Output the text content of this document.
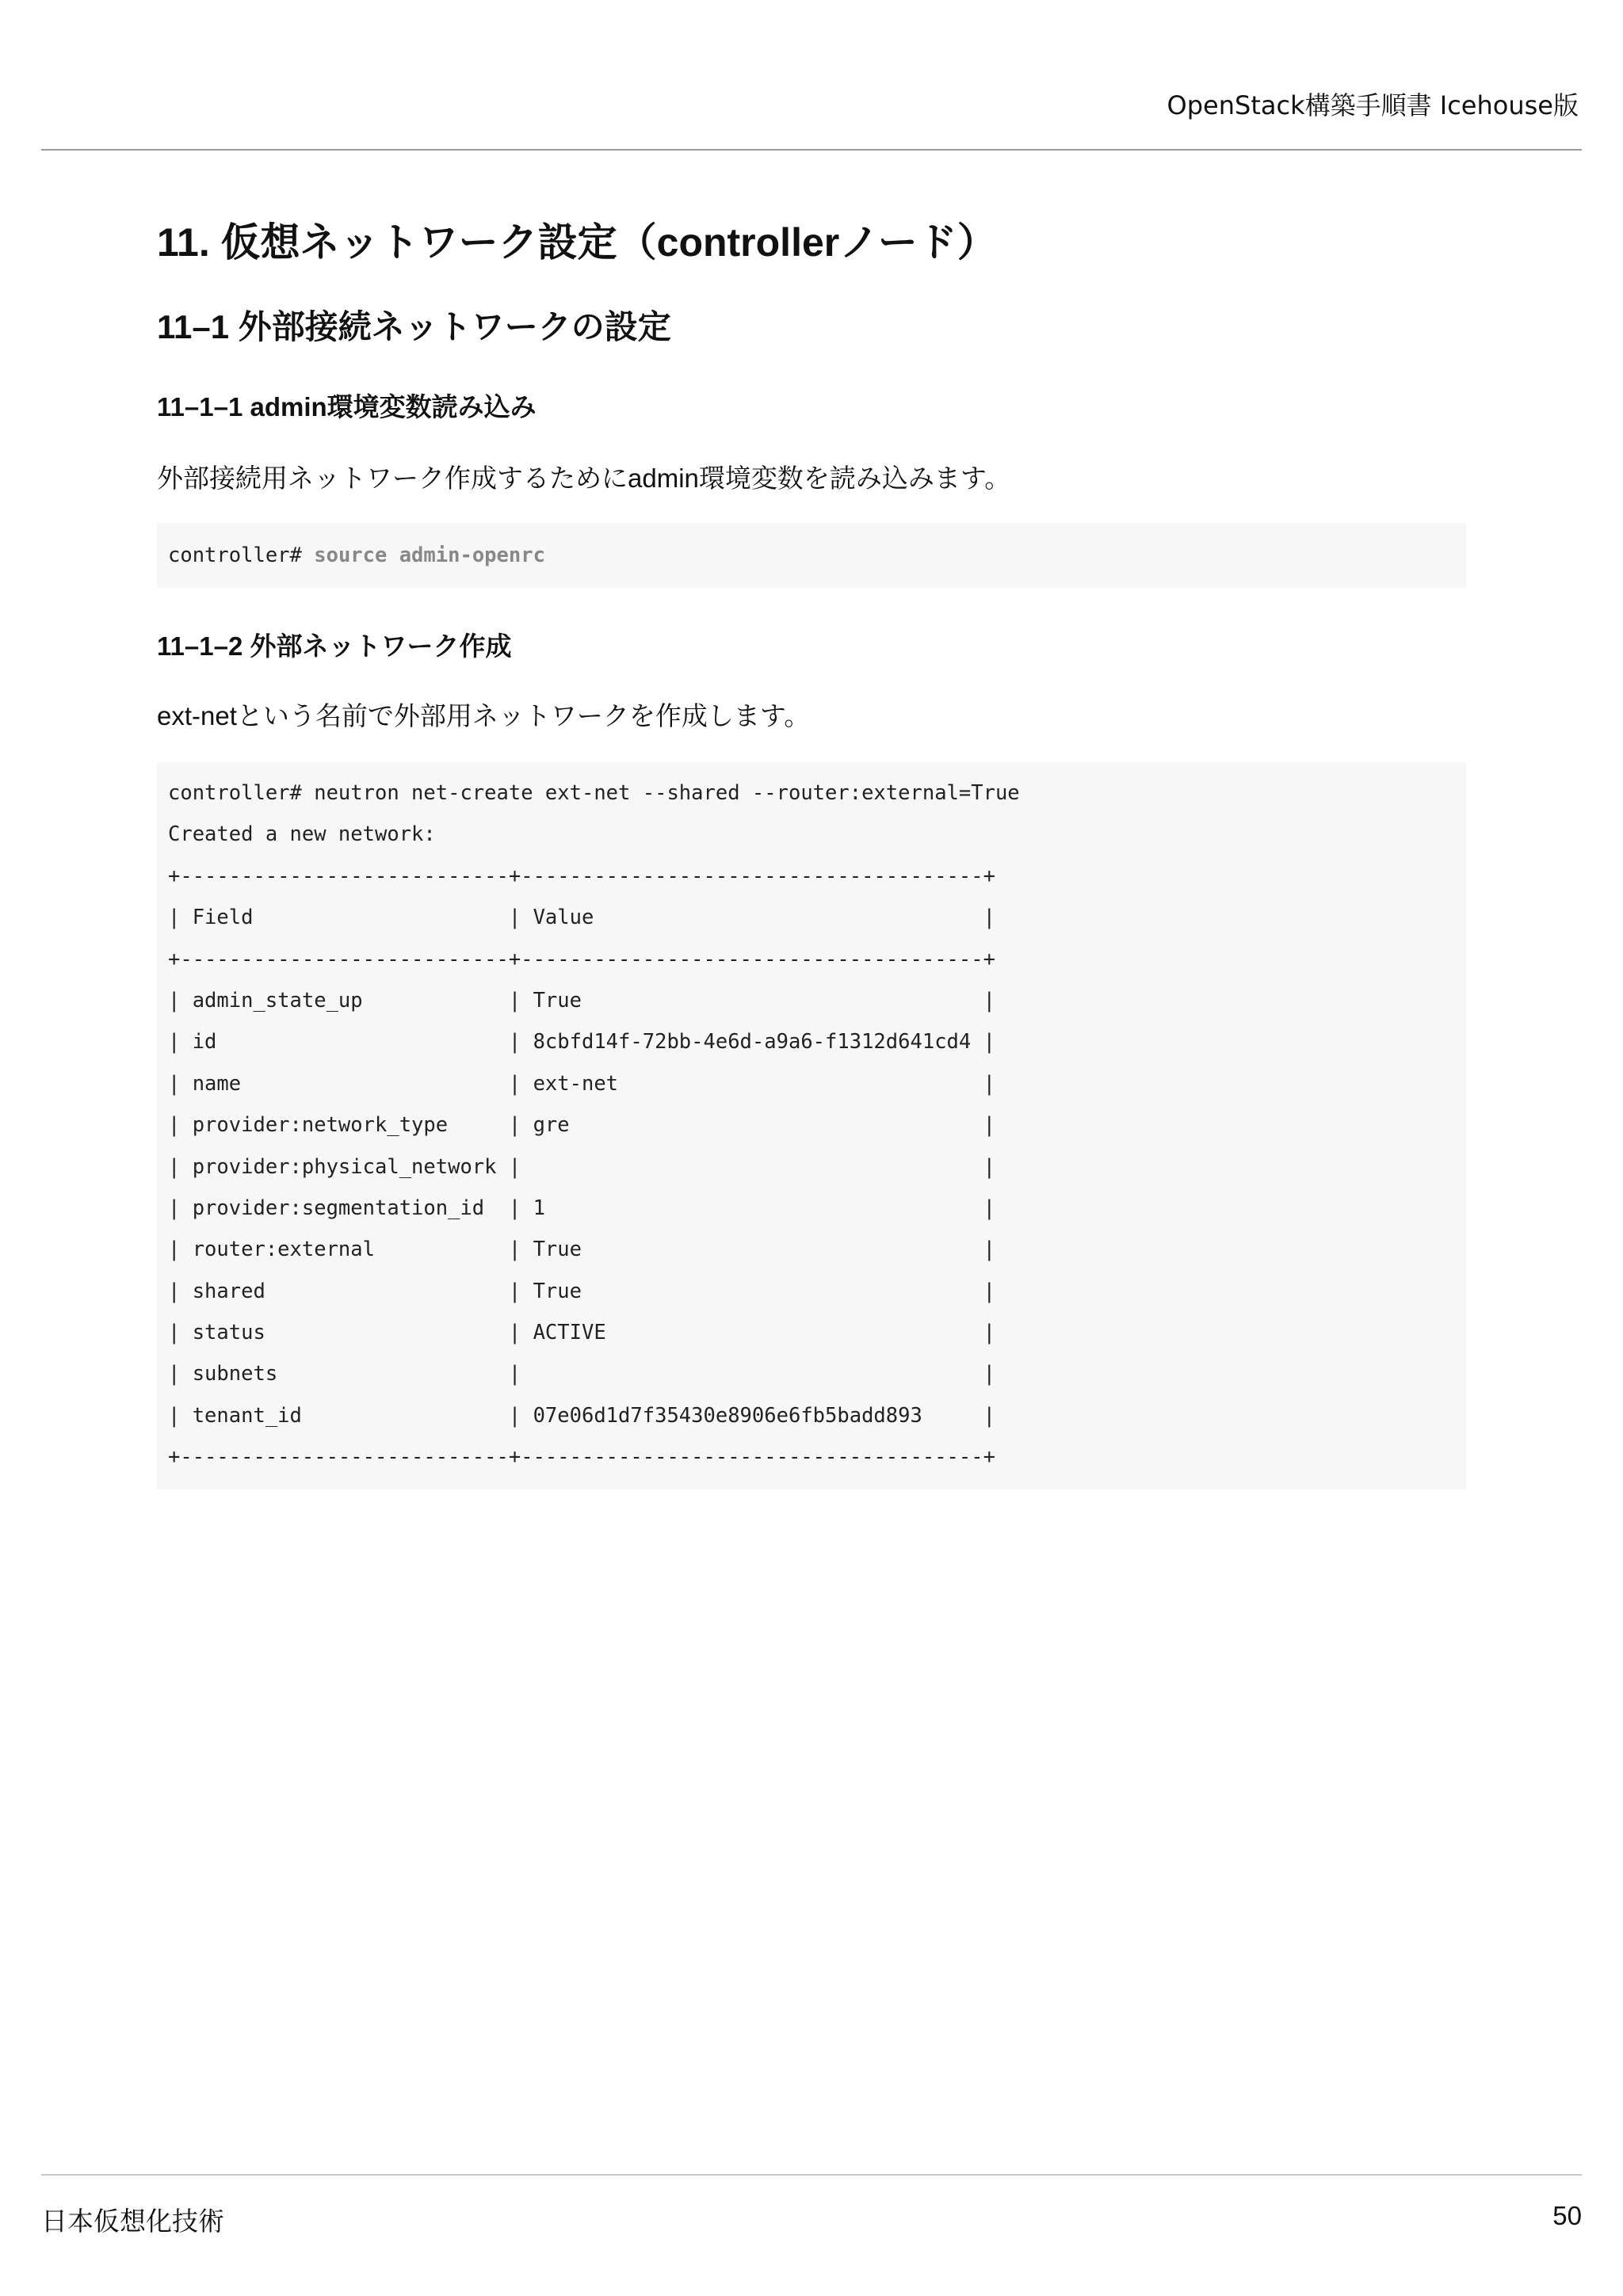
OpenStack構築手順書 Icehouse版
11. 仮想ネットワーク設定（controllerノード）
11–1 外部接続ネットワークの設定
11–1–1 admin環境変数読み込み

外部接続用ネットワーク作成するためにadmin環境変数を読み込みます。

controller# source admin-openrc
11–1–2 外部ネットワーク作成

ext-netという名前で外部用ネットワークを作成します。

controller# neutron net-create ext-net --shared --router:external=True
Created a new network:
+---------------------------+--------------------------------------+
| Field                     | Value                                |
+---------------------------+--------------------------------------+
| admin_state_up            | True                                 |
| id                        | 8cbfd14f-72bb-4e6d-a9a6-f1312d641cd4 |
| name                      | ext-net                              |
| provider:network_type     | gre                                  |
| provider:physical_network |                                      |
| provider:segmentation_id  | 1                                    |
| router:external           | True                                 |
| shared                    | True                                 |
| status                    | ACTIVE                               |
| subnets                   |                                      |
| tenant_id                 | 07e06d1d7f35430e8906e6fb5badd893     |
+---------------------------+--------------------------------------+
日本仮想化技術	50
